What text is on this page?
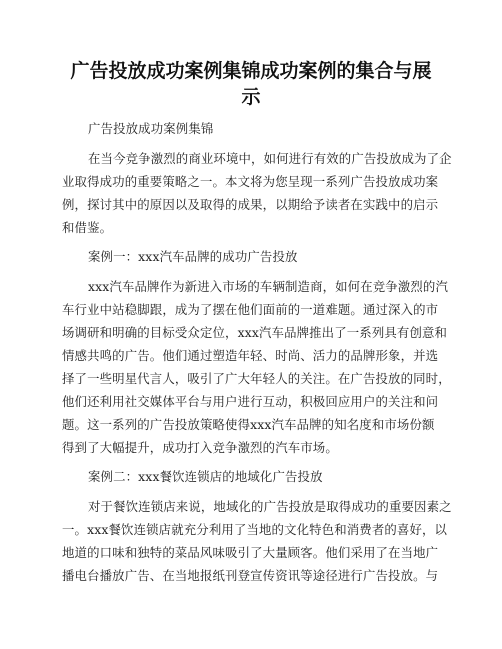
广告投放成功案例集锦成功案例的集合与展
示
广告投放成功案例集锦
在当今竞争激烈的商业环境中，如何进行有效的广告投放成为了企
业取得成功的重要策略之一。本文将为您呈现一系列广告投放成功案
例，探讨其中的原因以及取得的成果，以期给予读者在实践中的启示
和借鉴。
案例一：xxx汽车品牌的成功广告投放
xxx汽车品牌作为新进入市场的车辆制造商，如何在竞争激烈的汽
车行业中站稳脚跟，成为了摆在他们面前的一道难题。通过深入的市
场调研和明确的目标受众定位，xxx汽车品牌推出了一系列具有创意和
情感共鸣的广告。他们通过塑造年轻、时尚、活力的品牌形象，并选
择了一些明星代言人，吸引了广大年轻人的关注。在广告投放的同时，
他们还利用社交媒体平台与用户进行互动，积极回应用户的关注和问
题。这一系列的广告投放策略使得xxx汽车品牌的知名度和市场份额
得到了大幅提升，成功打入竞争激烈的汽车市场。
案例二：xxx餐饮连锁店的地域化广告投放
对于餐饮连锁店来说，地域化的广告投放是取得成功的重要因素之
一。xxx餐饮连锁店就充分利用了当地的文化特色和消费者的喜好，以
地道的口味和独特的菜品风味吸引了大量顾客。他们采用了在当地广
播电台播放广告、在当地报纸刊登宣传资讯等途径进行广告投放。与
